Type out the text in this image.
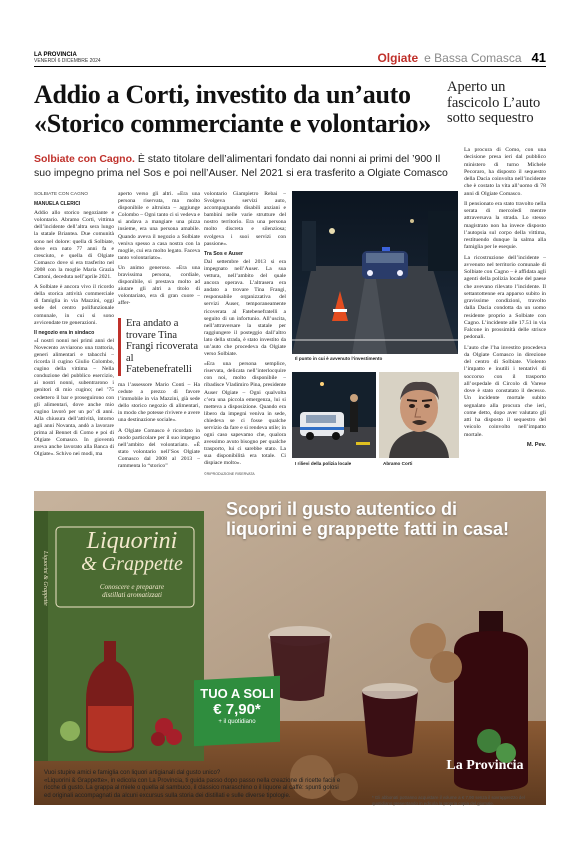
LA PROVINCIA
VENERDÌ 6 DICEMBRE 2024	Olgiate e Bassa Comasca 41
Addio a Corti, investito da un’auto «Storico commerciante e volontario»
Aperto un fascicolo L’auto sotto sequestro
Solbiate con Cagno. È stato titolare dell’alimentari fondato dai nonni ai primi del ’900 Il suo impegno prima nel Sos e poi nell’Auser. Nel 2021 si era trasferito a Olgiate Comasco
SOLBIATE CON CAGNO
MANUELA CLERICI

Addio allo storico negoziante e volontario. Abramo Corti, vittima dell’incidente dell’altra sera lungo la statale Briantea. Due comunità sono nel dolore: quella di Solbiate, dove era nato 77 anni fa e cresciuto, e quella di Olgiate Comasco dove si era trasferito nel 2008 con la moglie Maria Grazia Cattoni, deceduta nell’aprile 2021.

A Solbiate è ancora vivo il ricordo della storica attività commerciale di famiglia in via Mazzini, oggi sede del centro polifunzionale comunale, in cui si sono avvicendate tre generazioni.

Il negozio era in sindaco

«I nostri nonni nei primi anni del Novecento avviarono una trattoria, generi alimentari e tabacchi – ricorda il cugino Giulio Colombo, cugino della vittima – Nella conduzione del pubblico esercizio, ai nostri nonni, subentrarono i genitori di mio cugino; nel ’75 cedettero il bar e proseguirono con gli alimentari, dove anche mio cugino lavorò per un po’ di anni. Alla chiusura dell’attività, intorno agli anni Novanta, andò a lavorare prima al Bennet di Como e poi di Olgiate Comasco. In gioventù aveva anche lavorato alla Banca di Olgiate». Schivo nei modi, ma

aperto verso gli altri. «Era una persona riservata, ma molto disponibile e altruista – aggiunge Colombo – Ogni tanto ci si vedeva e si andava a mangiare una pizza insieme, era una persona amabile. Quando aveva il negozio a Solbiate veniva spesso a casa nostra con la moglie, cui era molto legato. Faceva tanto volontariato».

Un animo generoso. «Era una bravissima persona, cordiale, disponibile, si prestava molto ad aiutare gli altri a titolo di volontariato, era di gran cuore – affer-

Era andato a trovare Tina Frangi ricoverata al Fatebenefratelli

ma l’assessore Mario Conti – Ha cedute a prezzo di favore l’immobile in via Mazzini, già sede dello storico negozio di alimentari, in modo che potesse rivivere e avere una destinazione sociale».

A Olgiate Comasco è ricordato in modo particolare per il suo impegno nell’ambito del volontariato. «È stato volontario nell’Sos Olgiate Comasco dal 2008 al 2013 – rammenta lo “storico”

volontario Giampietro Rebai – Svolgeva servizi auto, accompagnando disabili anziani e bambini nelle varie strutture del nostro territorio. Era una persona molto discreta e silenziosa; svolgeva i suoi servizi con passione».

Tra Sos e Auser

Dal settembre del 2013 si era impegnato nell’Auser. La sua vettura, nell’ambito del quale ancora operava. L’altrasera era andato a trovare Tina Frangi, responsabile organizzativa del servizi Auser, temporaneamente ricoverata al Fatebenefratelli a seguito di un infortunio. All’uscita, nell’attraversare la statale per raggiungere il posteggio dall’altro lato della strada, è stato investito da un’auto che procedeva da Olgiate verso Solbiate.

«Era una persona semplice, riservata, delicata nell’interlocquire con noi, molto disponibile – ribadisce Vladimiro Pina, presidente Auser Olgiate – Ogni qualvolta c’era una piccola emergenza, lui si metteva a disposizione. Quando era libero da impegni veniva in sede, chiedeva se ci fosse qualche servizio da fare e si rendeva utile; in ogni caso sapevamo che, qualora avessimo avuto bisogno per qualche trasporto, lui ci sarebbe stato. La sua disponibilità era totale. Ci dispiace molto».

©RIPRODUZIONE RISERVATA
Il punto in cui è avvenuto l’investimento
I rilievi della polizia locale	Abramo Corti

La procura di Como, con una decisione presa ieri dal pubblico ministero di turno Michele Pecoraro, ha disposto il sequestro della Dacia coinvolta nell’incidente che è costato la vita all’uomo di 78 anni di Olgiate Comasco.

Il pensionato era stato travolto nella serata di mercoledì mentre attraversava la strada. Lo stesso magistrato non ha invece disposto l’autopsia sul corpo della vittima, restituendo dunque la salma alla famiglia per le esequie.

La ricostruzione dell’incidente – avvenuto nel territorio comunale di Solbiate con Cagno – è affidata agli agenti della polizia locale del paese che avevano rilevato l’incidente. Il settantottenne era apparso subito in gravissime condizioni, travolto dalla Dacia condotta da un uomo residente proprio a Solbiate con Cagno. L’incidente alle 17.51 in via Falcone in prossimità delle strisce pedonali.

L’auto che l’ha investito procedeva da Olgiate Comasco in direzione del centro di Solbiate. Violento l’impatto e inutili i tentativi di soccorso con il trasporto all’ospedale di Circolo di Varese dove è stato constatato il decesso. Un incidente mortale subito segnalato alla procura che ieri, come detto, dopo aver valutato gli atti ha disposto il sequestro del veicolo coinvolto nell’impatto mortale.

M. Pev.

Liquorini
& Grappette
Conoscere e preparare
distillati aromatizzati
Liquorini & Grappette
Scopri il gusto autentico di liquorini e grappette fatti in casa!
TUO A SOLI
€ 7,90*
+ il quotidiano
La Provincia
Vuoi stupire amici e famiglia con liquori artigianali dal gusto unico?
«Liquorini & Grappette», in edicola con La Provincia, ti guida passo dopo passo nella creazione di ricette facili e ricche di gusto. La grappa al miele o quella al sambuco, il classico maraschino o il liquore al caffè: spunti golosi ed originali accompagnati da alcuni excursus sulla storia dei distillati e sulle diverse tipologie.	* Gli abbonati potranno acquistare il volume a € 7,90 senza il sovrapprezzo del quotidiano presentando in edicola la propria copia del giornale.
